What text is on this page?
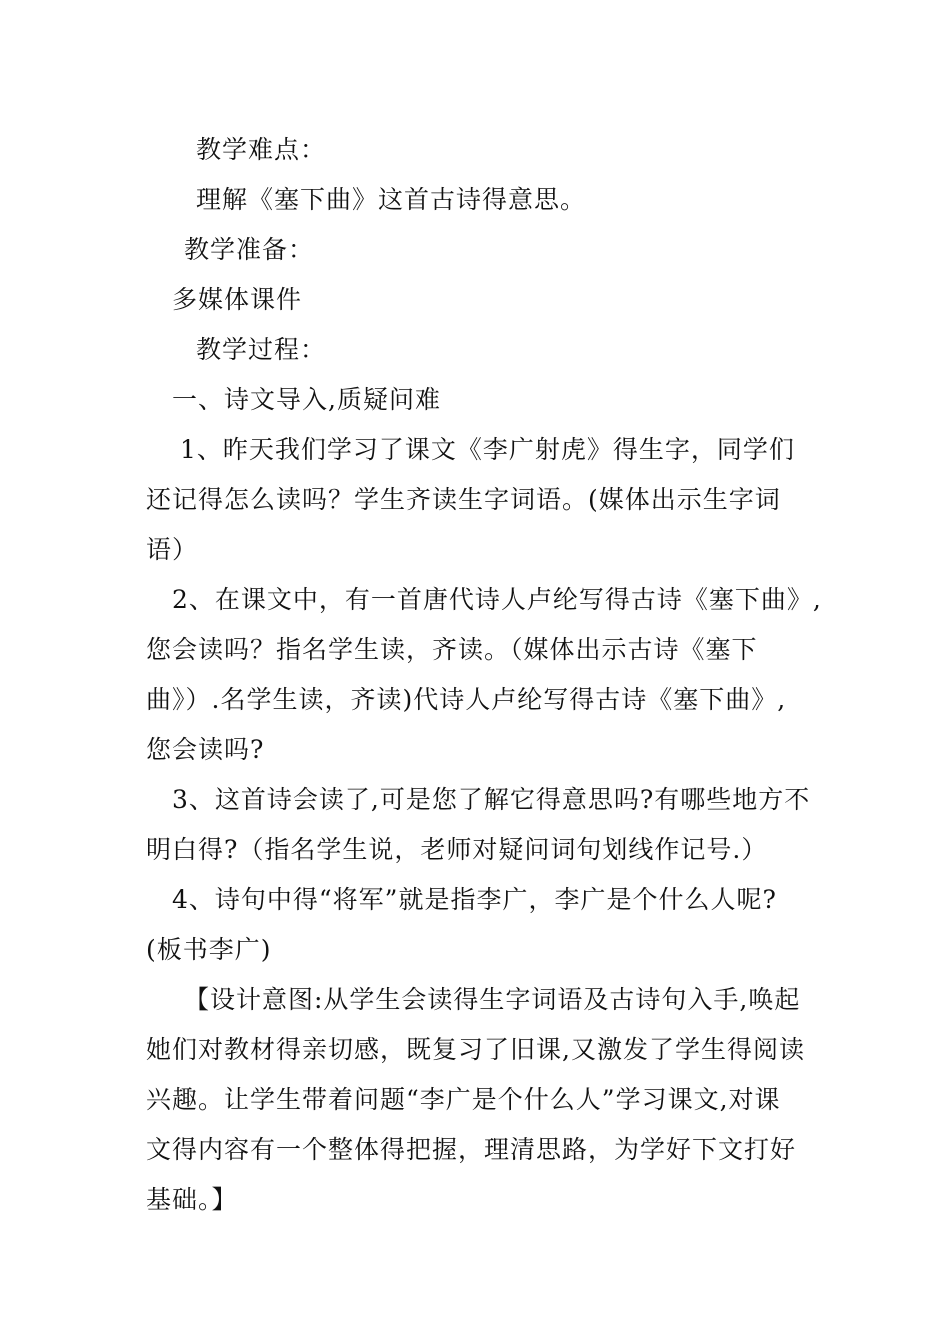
教学难点：
理解《塞下曲》这首古诗得意思。
教学准备：
多媒体课件
教学过程：
一、诗文导入,质疑问难
1、昨天我们学习了课文《李广射虎》得生字，同学们
还记得怎么读吗？学生齐读生字词语。(媒体出示生字词
语）
2、在课文中，有一首唐代诗人卢纶写得古诗《塞下曲》,
您会读吗？指名学生读，齐读。（媒体出示古诗《塞下
曲》）.名学生读，齐读)代诗人卢纶写得古诗《塞下曲》,
您会读吗?
3、这首诗会读了,可是您了解它得意思吗?有哪些地方不
明白得?（指名学生说，老师对疑问词句划线作记号.）
4、诗句中得“将军”就是指李广，李广是个什么人呢?
(板书李广)
【设计意图:从学生会读得生字词语及古诗句入手,唤起
她们对教材得亲切感，既复习了旧课,又激发了学生得阅读
兴趣。让学生带着问题“李广是个什么人”学习课文,对课
文得内容有一个整体得把握，理清思路，为学好下文打好
基础。】
